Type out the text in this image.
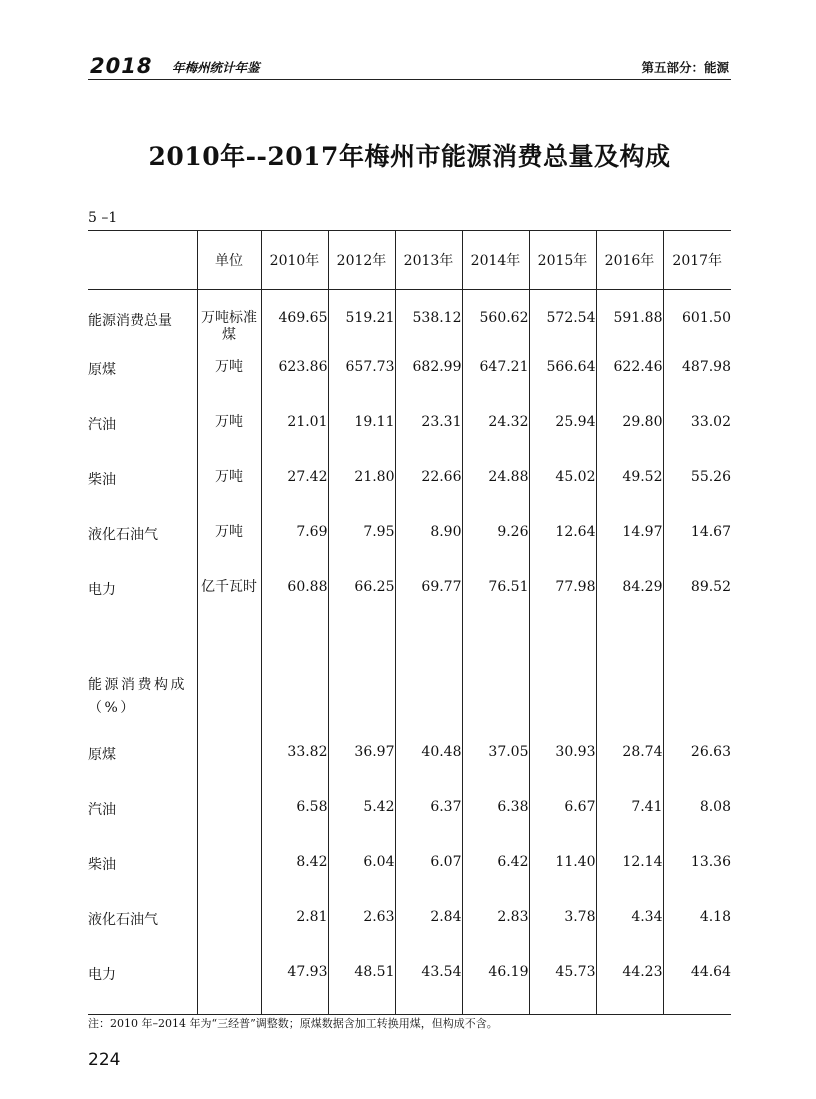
2018 年梅州统计年鉴	第五部分：能源
2010年--2017年梅州市能源消费总量及构成
5 –1
	单位	2010年	2012年	2013年	2014年	2015年	2016年	2017年
能源消费总量	万吨标准煤	469.65	519.21	538.12	560.62	572.54	591.88	601.50
原煤	万吨	623.86	657.73	682.99	647.21	566.64	622.46	487.98
汽油	万吨	21.01	19.11	23.31	24.32	25.94	29.80	33.02
柴油	万吨	27.42	21.80	22.66	24.88	45.02	49.52	55.26
液化石油气	万吨	7.69	7.95	8.90	9.26	12.64	14.97	14.67
电力	亿千瓦时	60.88	66.25	69.77	76.51	77.98	84.29	89.52

能源消费构成（%）								

原煤		33.82	36.97	40.48	37.05	30.93	28.74	26.63
汽油		6.58	5.42	6.37	6.38	6.67	7.41	8.08
柴油		8.42	6.04	6.07	6.42	11.40	12.14	13.36
液化石油气		2.81	2.63	2.84	2.83	3.78	4.34	4.18
电力		47.93	48.51	43.54	46.19	45.73	44.23	44.64
注：2010 年–2014 年为“三经普”调整数；原煤数据含加工转换用煤，但构成不含。
224
